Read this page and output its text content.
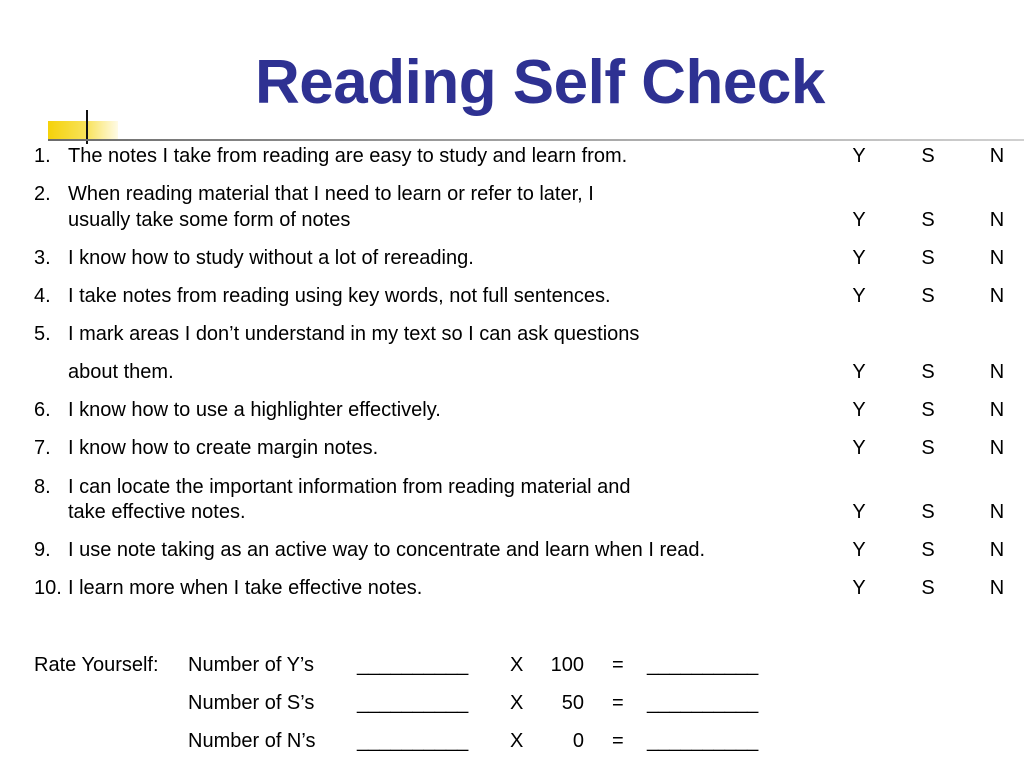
Reading Self Check
1. The notes I take from reading are easy to study and learn from.	Y	S	N
2. When reading material that I need to learn or refer to later, I
usually take some form of notes	Y	S	N
3. I know how to study without a lot of rereading.	Y	S	N
4. I take notes from reading using key words, not full sentences.	Y	S	N
5. I mark areas I don’t understand in my text so I can ask questions
about them.	Y	S	N
6. I know how to use a highlighter effectively.	Y	S	N
7. I know how to create margin notes.	Y	S	N
8. I can locate the important information from reading material and
take effective notes.	Y	S	N
9. I use note taking as an active way to concentrate and learn when I read.	Y	S	N
10. I learn more when I take effective notes.	Y	S	N
Rate Yourself: Number of Y’s __________ X	100 = __________
Number of S’s __________ X	50 = __________
Number of N’s __________ X	0 = __________
